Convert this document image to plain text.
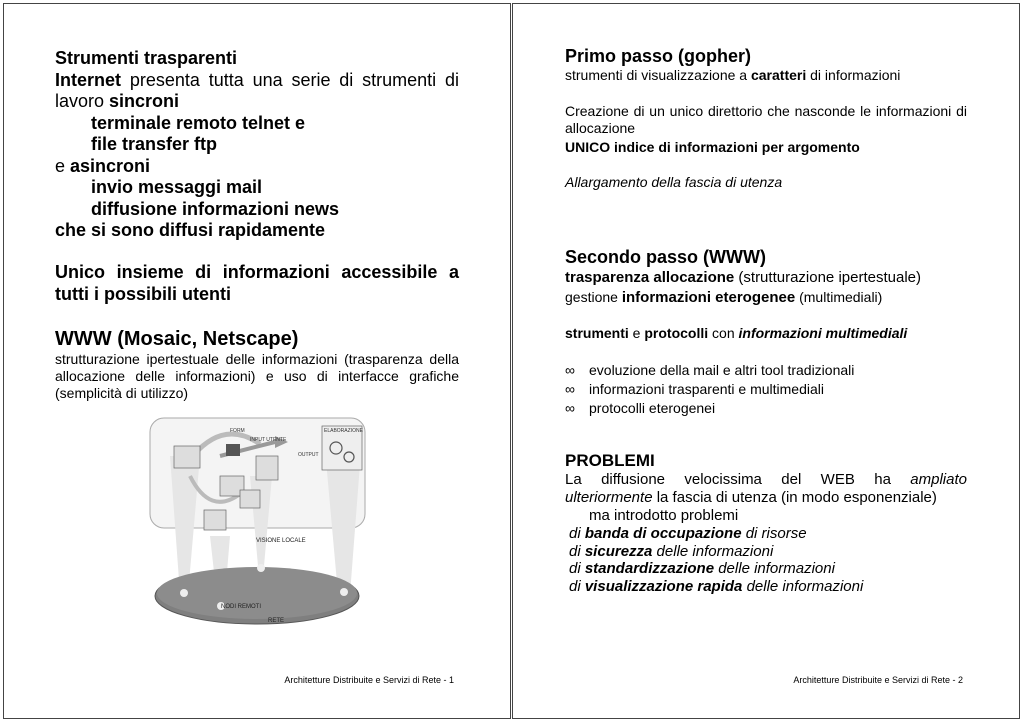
Strumenti trasparenti
Internet presenta tutta una serie di strumenti di lavoro sincroni
terminale remoto telnet e
file transfer ftp
e asincroni
invio messaggi mail
diffusione informazioni news
che si sono diffusi rapidamente
Unico insieme di informazioni accessibile a tutti i possibili utenti
WWW (Mosaic, Netscape)
strutturazione ipertestuale delle informazioni (trasparenza della allocazione delle informazioni) e uso di interfacce grafiche (semplicità di utilizzo)
FORM
INPUT UTENTE
OUTPUT
ELABORAZIONE
VISIONE LOCALE
NODI REMOTI
RETE
Architetture Distribuite e Servizi di Rete - 1
Primo passo (gopher)
strumenti di visualizzazione a caratteri di informazioni
Creazione di un unico direttorio che nasconde le informazioni di allocazione
UNICO indice di informazioni per argomento
Allargamento della fascia di utenza
Secondo passo (WWW)
trasparenza allocazione (strutturazione ipertestuale)
gestione informazioni eterogenee (multimediali)
strumenti e protocolli con informazioni multimediali
∞ evoluzione della mail e altri tool tradizionali
∞ informazioni trasparenti e multimediali
∞ protocolli eterogenei
PROBLEMI
La diffusione velocissima del WEB ha ampliato ulteriormente la fascia di utenza (in modo esponenziale)
ma introdotto problemi
di banda di occupazione di risorse
di sicurezza delle informazioni
di standardizzazione delle informazioni
di visualizzazione rapida delle informazioni
Architetture Distribuite e Servizi di Rete - 2
